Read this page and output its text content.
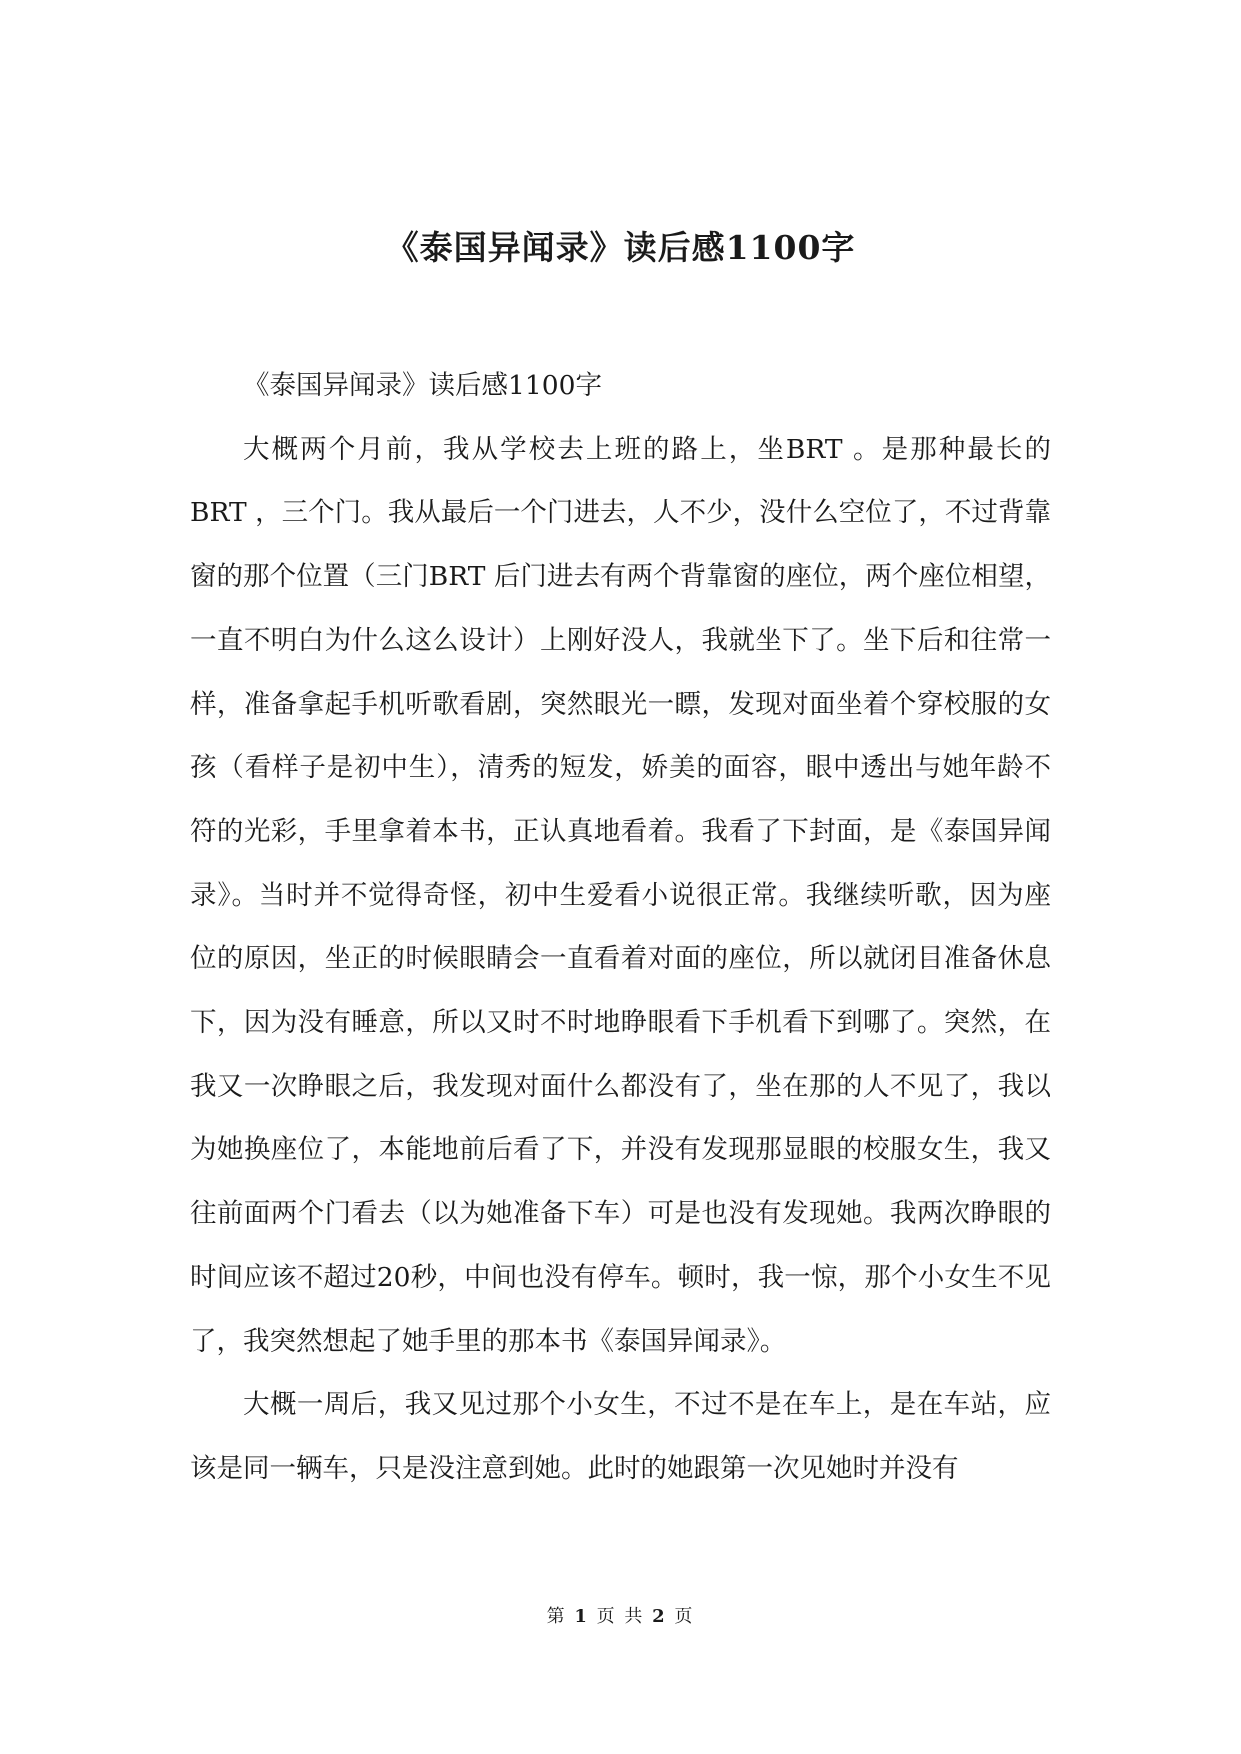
《泰国异闻录》读后感1100字

《泰国异闻录》读后感1100字

大概两个月前，我从学校去上班的路上，坐BRT 。是那种最长的BRT ，三个门。我从最后一个门进去，人不少，没什么空位了，不过背靠窗的那个位置（三门BRT 后门进去有两个背靠窗的座位，两个座位相望，一直不明白为什么这么设计）上刚好没人，我就坐下了。坐下后和往常一样，准备拿起手机听歌看剧，突然眼光一瞟，发现对面坐着个穿校服的女孩（看样子是初中生），清秀的短发，娇美的面容，眼中透出与她年龄不符的光彩，手里拿着本书，正认真地看着。我看了下封面，是《泰国异闻录》。当时并不觉得奇怪，初中生爱看小说很正常。我继续听歌，因为座位的原因，坐正的时候眼睛会一直看着对面的座位，所以就闭目准备休息下，因为没有睡意，所以又时不时地睁眼看下手机看下到哪了。突然，在我又一次睁眼之后，我发现对面什么都没有了，坐在那的人不见了，我以为她换座位了，本能地前后看了下，并没有发现那显眼的校服女生，我又往前面两个门看去（以为她准备下车）可是也没有发现她。我两次睁眼的时间应该不超过20秒，中间也没有停车。顿时，我一惊，那个小女生不见了，我突然想起了她手里的那本书《泰国异闻录》。

大概一周后，我又见过那个小女生，不过不是在车上，是在车站，应该是同一辆车，只是没注意到她。此时的她跟第一次见她时并没有

第 1 页 共 2 页
